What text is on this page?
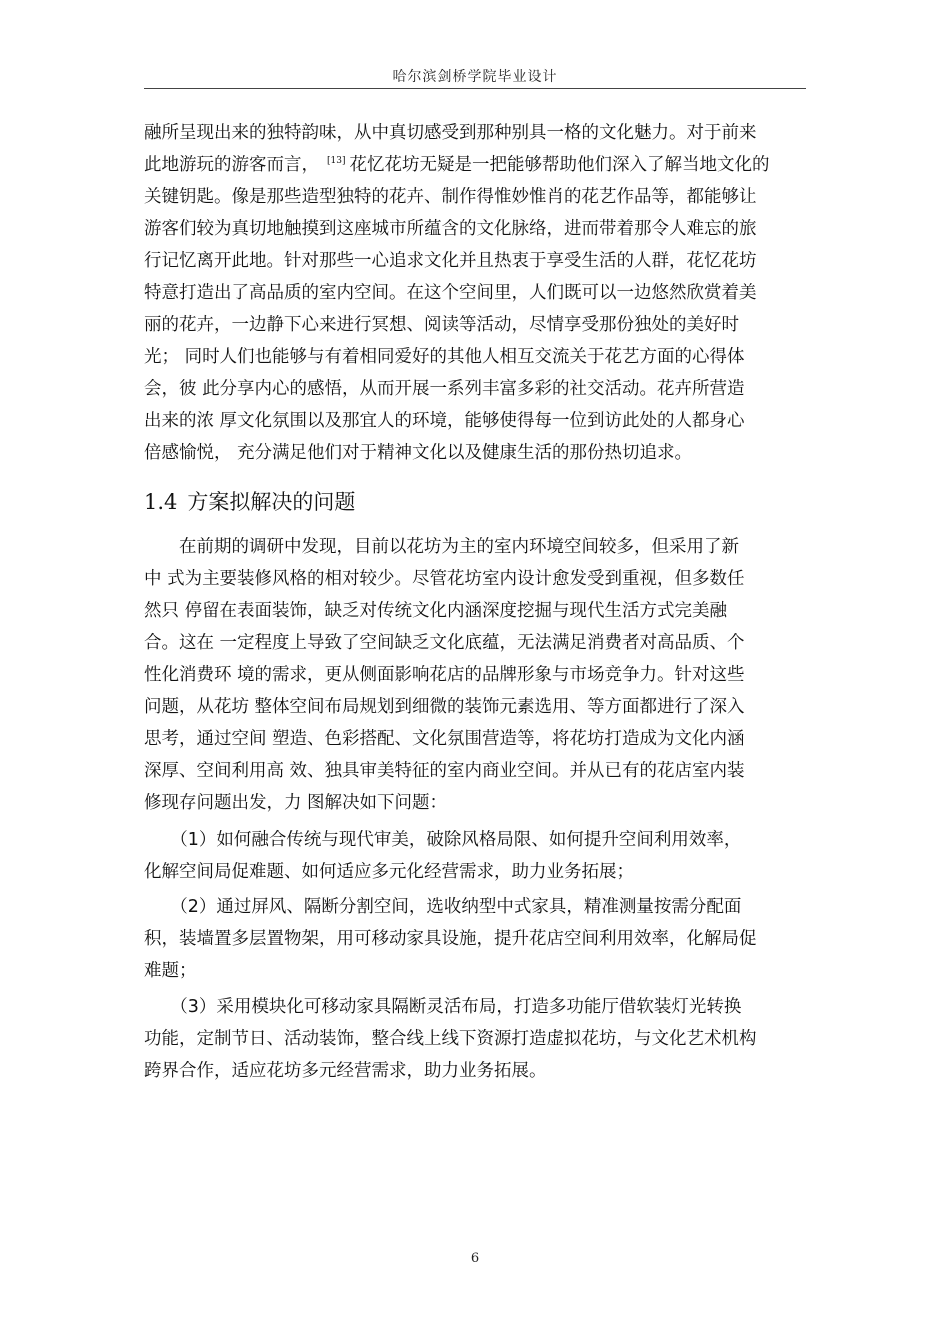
哈尔滨剑桥学院毕业设计
融所呈现出来的独特韵味，从中真切感受到那种别具一格的文化魅力。对于前来
此地游玩的游客而言， [13] 花忆花坊无疑是一把能够帮助他们深入了解当地文化的
关键钥匙。像是那些造型独特的花卉、制作得惟妙惟肖的花艺作品等，都能够让
游客们较为真切地触摸到这座城市所蕴含的文化脉络，进而带着那令人难忘的旅
行记忆离开此地。针对那些一心追求文化并且热衷于享受生活的人群，花忆花坊
特意打造出了高品质的室内空间。在这个空间里，人们既可以一边悠然欣赏着美
丽的花卉，一边静下心来进行冥想、阅读等活动，尽情享受那份独处的美好时
光； 同时人们也能够与有着相同爱好的其他人相互交流关于花艺方面的心得体
会，彼 此分享内心的感悟，从而开展一系列丰富多彩的社交活动。花卉所营造
出来的浓 厚文化氛围以及那宜人的环境，能够使得每一位到访此处的人都身心
倍感愉悦， 充分满足他们对于精神文化以及健康生活的那份热切追求。
1.4 方案拟解决的问题
　　在前期的调研中发现，目前以花坊为主的室内环境空间较多，但采用了新
中 式为主要装修风格的相对较少。尽管花坊室内设计愈发受到重视，但多数任
然只 停留在表面装饰，缺乏对传统文化内涵深度挖掘与现代生活方式完美融
合。这在 一定程度上导致了空间缺乏文化底蕴，无法满足消费者对高品质、个
性化消费环 境的需求，更从侧面影响花店的品牌形象与市场竞争力。针对这些
问题，从花坊 整体空间布局规划到细微的装饰元素选用、等方面都进行了深入
思考，通过空间 塑造、色彩搭配、文化氛围营造等，将花坊打造成为文化内涵
深厚、空间利用高 效、独具审美特征的室内商业空间。并从已有的花店室内装
修现存问题出发，力 图解决如下问题：
　　（1）如何融合传统与现代审美，破除风格局限、如何提升空间利用效率，
化解空间局促难题、如何适应多元化经营需求，助力业务拓展；
　　（2）通过屏风、隔断分割空间，选收纳型中式家具，精准测量按需分配面
积，装墙置多层置物架，用可移动家具设施，提升花店空间利用效率，化解局促
难题；
　　（3）采用模块化可移动家具隔断灵活布局，打造多功能厅借软装灯光转换
功能，定制节日、活动装饰，整合线上线下资源打造虚拟花坊，与文化艺术机构
跨界合作，适应花坊多元经营需求，助力业务拓展。
6
